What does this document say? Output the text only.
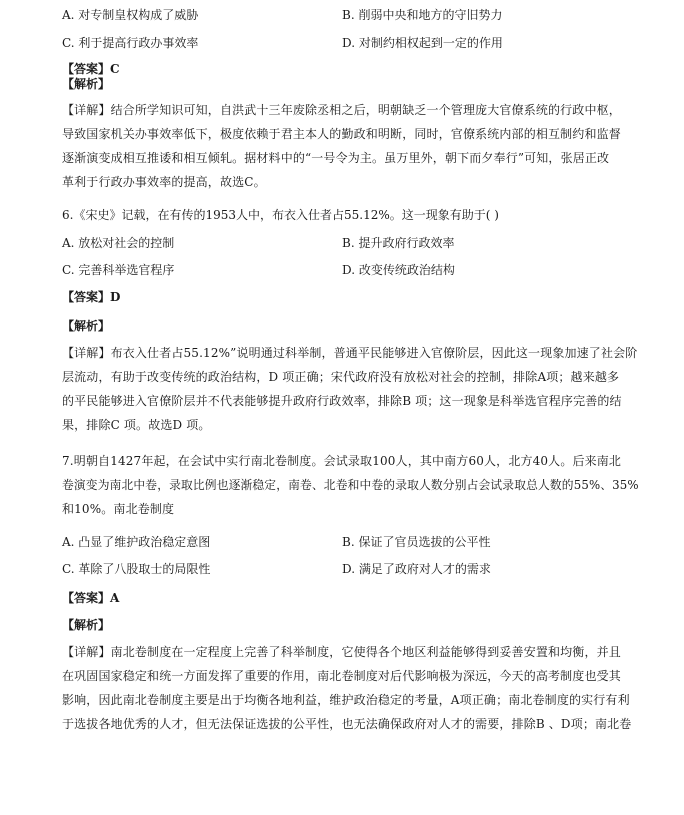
A. 对专制皇权构成了威胁	B. 削弱中央和地方的守旧势力
C. 利于提高行政办事效率	D. 对制约相权起到一定的作用
【答案】C
【解析】
【详解】结合所学知识可知，自洪武十三年废除丞相之后，明朝缺乏一个管理庞大官僚系统的行政中枢，
导致国家机关办事效率低下，极度依赖于君主本人的勤政和明断，同时，官僚系统内部的相互制约和监督
逐渐演变成相互推诿和相互倾轧。据材料中的“一号令为主。虽万里外，朝下而夕奉行”可知，张居正改
革利于行政办事效率的提高，故选C。
6.《宋史》记载，在有传的1953人中，布衣入仕者占55.12%。这一现象有助于( )
A. 放松对社会的控制	B. 提升政府行政效率
C. 完善科举选官程序	D. 改变传统政治结构
【答案】D
【解析】
【详解】布衣入仕者占55.12%”说明通过科举制，普通平民能够进入官僚阶层，因此这一现象加速了社会阶
层流动，有助于改变传统的政治结构，D 项正确；宋代政府没有放松对社会的控制，排除A项；越来越多
的平民能够进入官僚阶层并不代表能够提升政府行政效率，排除B 项；这一现象是科举选官程序完善的结
果，排除C 项。故选D 项。
7.明朝自1427年起，在会试中实行南北卷制度。会试录取100人，其中南方60人，北方40人。后来南北
卷演变为南北中卷，录取比例也逐渐稳定，南卷、北卷和中卷的录取人数分别占会试录取总人数的55%、35%
和10%。南北卷制度
A. 凸显了维护政治稳定意图	B. 保证了官员选拔的公平性
C. 革除了八股取士的局限性	D. 满足了政府对人才的需求
【答案】A
【解析】
【详解】南北卷制度在一定程度上完善了科举制度，它使得各个地区利益能够得到妥善安置和均衡，并且
在巩固国家稳定和统一方面发挥了重要的作用，南北卷制度对后代影响极为深远，今天的高考制度也受其
影响，因此南北卷制度主要是出于均衡各地利益，维护政治稳定的考量，A项正确；南北卷制度的实行有利
于选拔各地优秀的人才，但无法保证选拔的公平性，也无法确保政府对人才的需要，排除B 、D项；南北卷
